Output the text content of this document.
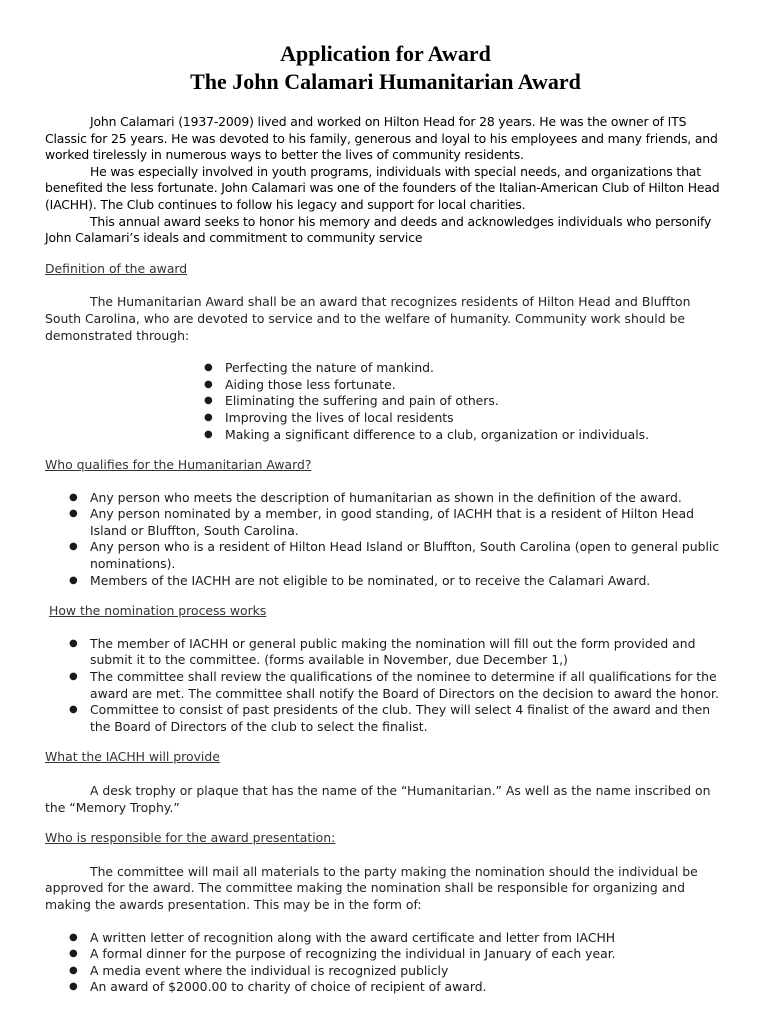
Application for Award
The John Calamari Humanitarian Award

John Calamari (1937-2009) lived and worked on Hilton Head for 28 years. He was the owner of ITS Classic for 25 years. He was devoted to his family, generous and loyal to his employees and many friends, and worked tirelessly in numerous ways to better the lives of community residents.

He was especially involved in youth programs, individuals with special needs, and organizations that benefited the less fortunate. John Calamari was one of the founders of the Italian-American Club of Hilton Head (IACHH). The Club continues to follow his legacy and support for local charities.

This annual award seeks to honor his memory and deeds and acknowledges individuals who personify John Calamari’s ideals and commitment to community service

Definition of the award

The Humanitarian Award shall be an award that recognizes residents of Hilton Head and Bluffton South Carolina, who are devoted to service and to the welfare of humanity. Community work should be demonstrated through:

● Perfecting the nature of mankind.
● Aiding those less fortunate.
● Eliminating the suffering and pain of others.
● Improving the lives of local residents
● Making a significant difference to a club, organization or individuals.
Who qualifies for the Humanitarian Award?
● Any person who meets the description of humanitarian as shown in the definition of the award.
● Any person nominated by a member, in good standing, of IACHH that is a resident of Hilton Head Island or Bluffton, South Carolina.
● Any person who is a resident of Hilton Head Island or Bluffton, South Carolina (open to general public nominations).
● Members of the IACHH are not eligible to be nominated, or to receive the Calamari Award.
How the nomination process works
● The member of IACHH or general public making the nomination will fill out the form provided and submit it to the committee. (forms available in November, due December 1,)
● The committee shall review the qualifications of the nominee to determine if all qualifications for the award are met. The committee shall notify the Board of Directors on the decision to award the honor.
● Committee to consist of past presidents of the club. They will select 4 finalist of the award and then the Board of Directors of the club to select the finalist.
What the IACHH will provide

A desk trophy or plaque that has the name of the “Humanitarian.” As well as the name inscribed on the “Memory Trophy.”

Who is responsible for the award presentation:

The committee will mail all materials to the party making the nomination should the individual be approved for the award. The committee making the nomination shall be responsible for organizing and making the awards presentation. This may be in the form of:

● A written letter of recognition along with the award certificate and letter from IACHH
● A formal dinner for the purpose of recognizing the individual in January of each year.
● A media event where the individual is recognized publicly
● An award of $2000.00 to charity of choice of recipient of award.
